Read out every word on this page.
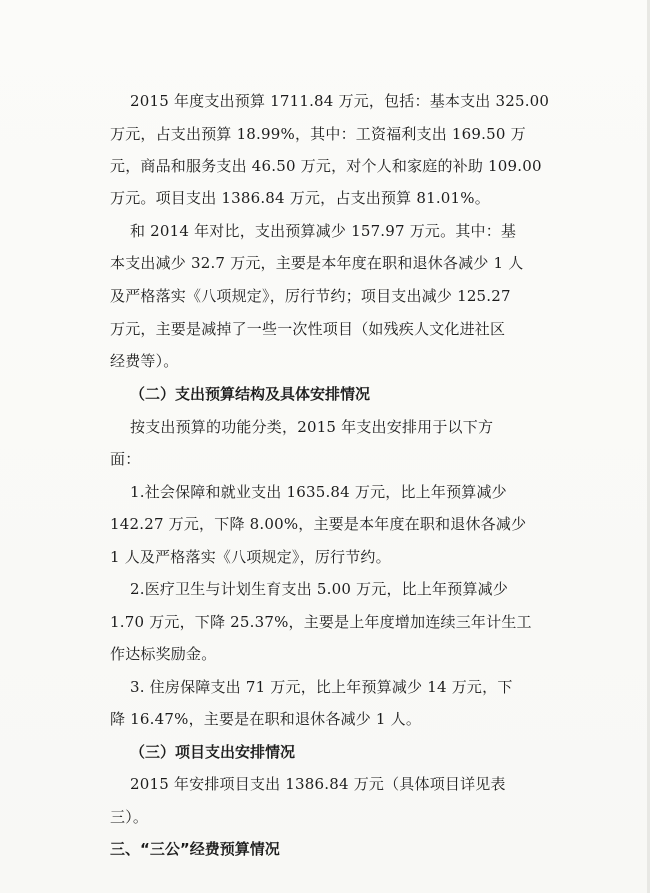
2015 年度支出预算 1711.84 万元，包括：基本支出 325.00
万元，占支出预算 18.99%，其中：工资福利支出 169.50 万
元，商品和服务支出 46.50 万元，对个人和家庭的补助 109.00
万元。项目支出 1386.84 万元，占支出预算 81.01%。
和 2014 年对比，支出预算减少 157.97 万元。其中：基
本支出减少 32.7 万元，主要是本年度在职和退休各减少 1 人
及严格落实《八项规定》，厉行节约；项目支出减少 125.27
万元，主要是减掉了一些一次性项目（如残疾人文化进社区
经费等）。
（二）支出预算结构及具体安排情况
按支出预算的功能分类，2015 年支出安排用于以下方
面：
1.社会保障和就业支出 1635.84 万元，比上年预算减少
142.27 万元，下降 8.00%，主要是本年度在职和退休各减少
1 人及严格落实《八项规定》，厉行节约。
2.医疗卫生与计划生育支出 5.00 万元，比上年预算减少
1.70 万元，下降 25.37%，主要是上年度增加连续三年计生工
作达标奖励金。
3. 住房保障支出 71 万元，比上年预算减少 14 万元，下
降 16.47%，主要是在职和退休各减少 1 人。
（三）项目支出安排情况
2015 年安排项目支出 1386.84 万元（具体项目详见表
三）。
三、“三公”经费预算情况
